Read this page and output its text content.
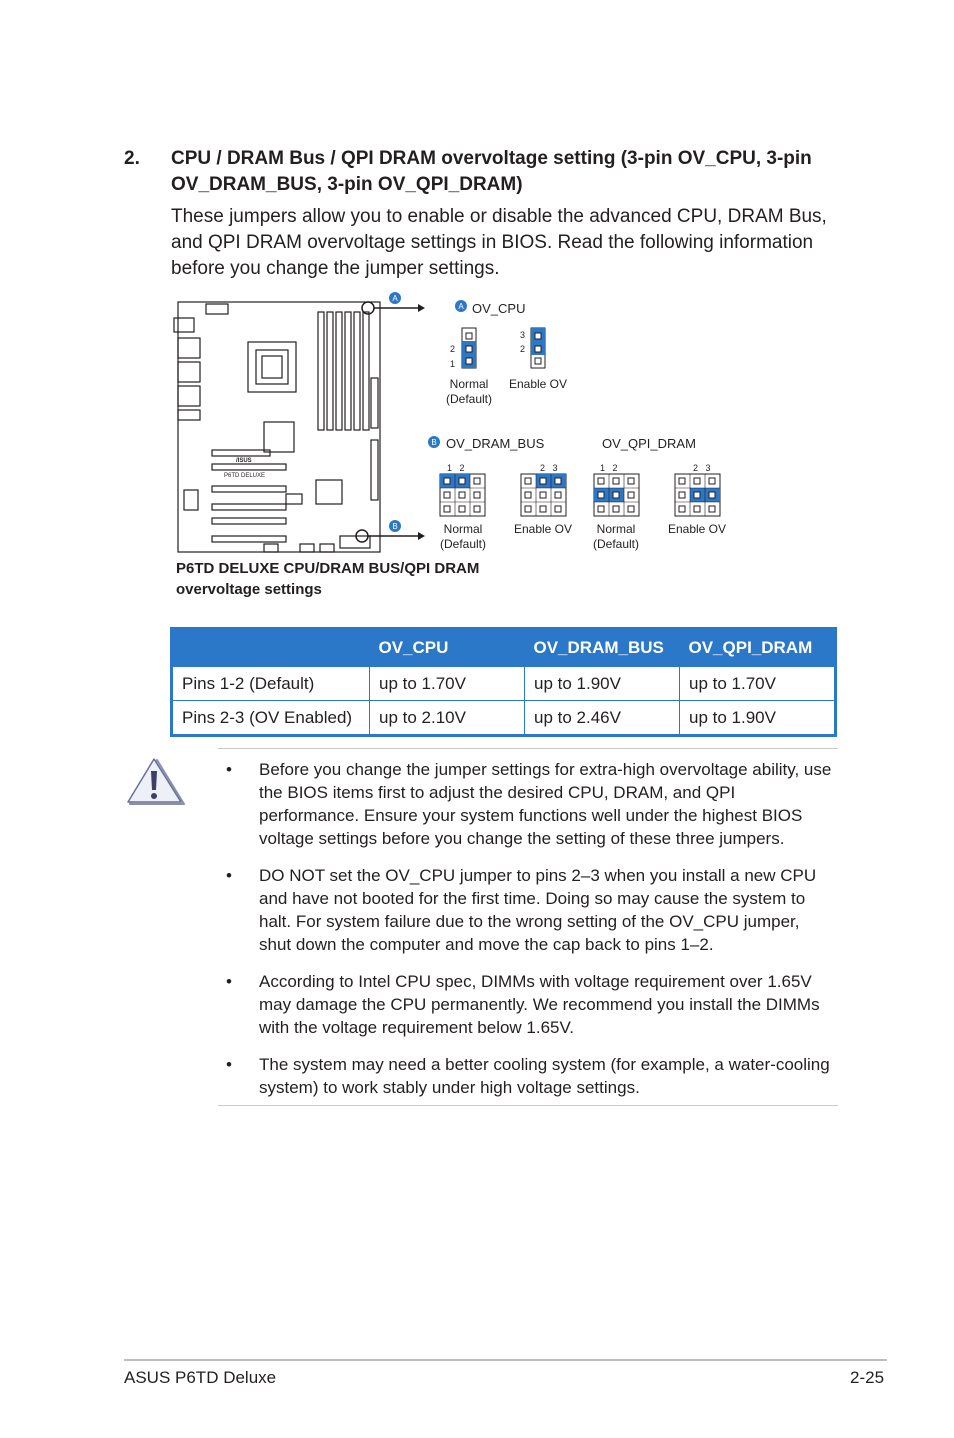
2. CPU / DRAM Bus / QPI DRAM overvoltage setting (3-pin OV_CPU, 3-pin OV_DRAM_BUS, 3-pin OV_QPI_DRAM)
These jumpers allow you to enable or disable the advanced CPU, DRAM Bus, and QPI DRAM overvoltage settings in BIOS. Read the following information before you change the jumper settings.
P6TD DELUXE
/ISUS
A
B
A OV_CPU
2
1
Normal
(Default)
3
2
Enable OV
B OV_DRAM_BUS	OV_QPI_DRAM
1   2	2   3	1   2	2   3
Normal
(Default)
Enable OV Normal
(Default)
Enable OV
P6TD DELUXE CPU/DRAM BUS/QPI DRAM
overvoltage settings
	OV_CPU	OV_DRAM_BUS	OV_QPI_DRAM
Pins 1-2 (Default)	up to 1.70V	up to 1.90V	up to 1.70V
Pins 2-3 (OV Enabled)	up to 2.10V	up to 2.46V	up to 1.90V
• Before you change the jumper settings for extra-high overvoltage ability, use the BIOS items first to adjust the desired CPU, DRAM, and QPI performance. Ensure your system functions well under the highest BIOS voltage settings before you change the setting of these three jumpers.
• DO NOT set the OV_CPU jumper to pins 2–3 when you install a new CPU and have not booted for the first time. Doing so may cause the system to halt. For system failure due to the wrong setting of the OV_CPU jumper, shut down the computer and move the cap back to pins 1–2.
• According to Intel CPU spec, DIMMs with voltage requirement over 1.65V may damage the CPU permanently. We recommend you install the DIMMs with the voltage requirement below 1.65V.
• The system may need a better cooling system (for example, a water-cooling system) to work stably under high voltage settings.
ASUS P6TD Deluxe	2-25
